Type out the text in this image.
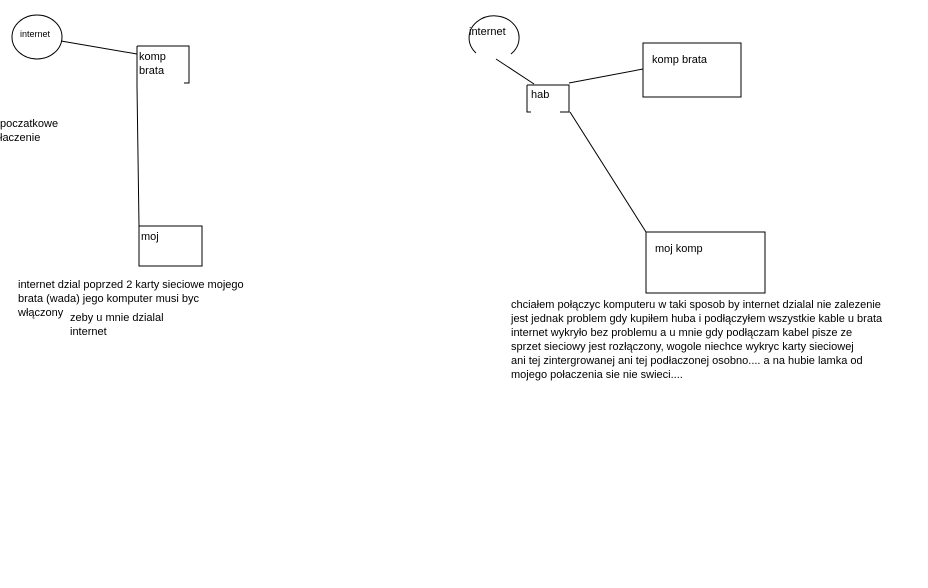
internet
komp
brata
moj
poczatkowe
łaczenie
internet dzial poprzed 2 karty sieciowe mojego
brata (wada) jego komputer musi byc
włączony zeby u mnie dzialal
internet
internet
hab
komp brata
moj komp
chciałem połączyc komputeru w taki sposob by internet dzialal nie zalezenie
jest jednak problem gdy kupiłem huba i podłączyłem wszystkie kable u brata
internet wykryło bez problemu a u mnie gdy podłączam kabel pisze ze
sprzet sieciowy jest rozłączony, wogole niechce wykryc karty sieciowej
ani tej zintergrowanej ani tej podłaczonej osobno.... a na hubie lamka od
mojego połaczenia sie nie swieci....
